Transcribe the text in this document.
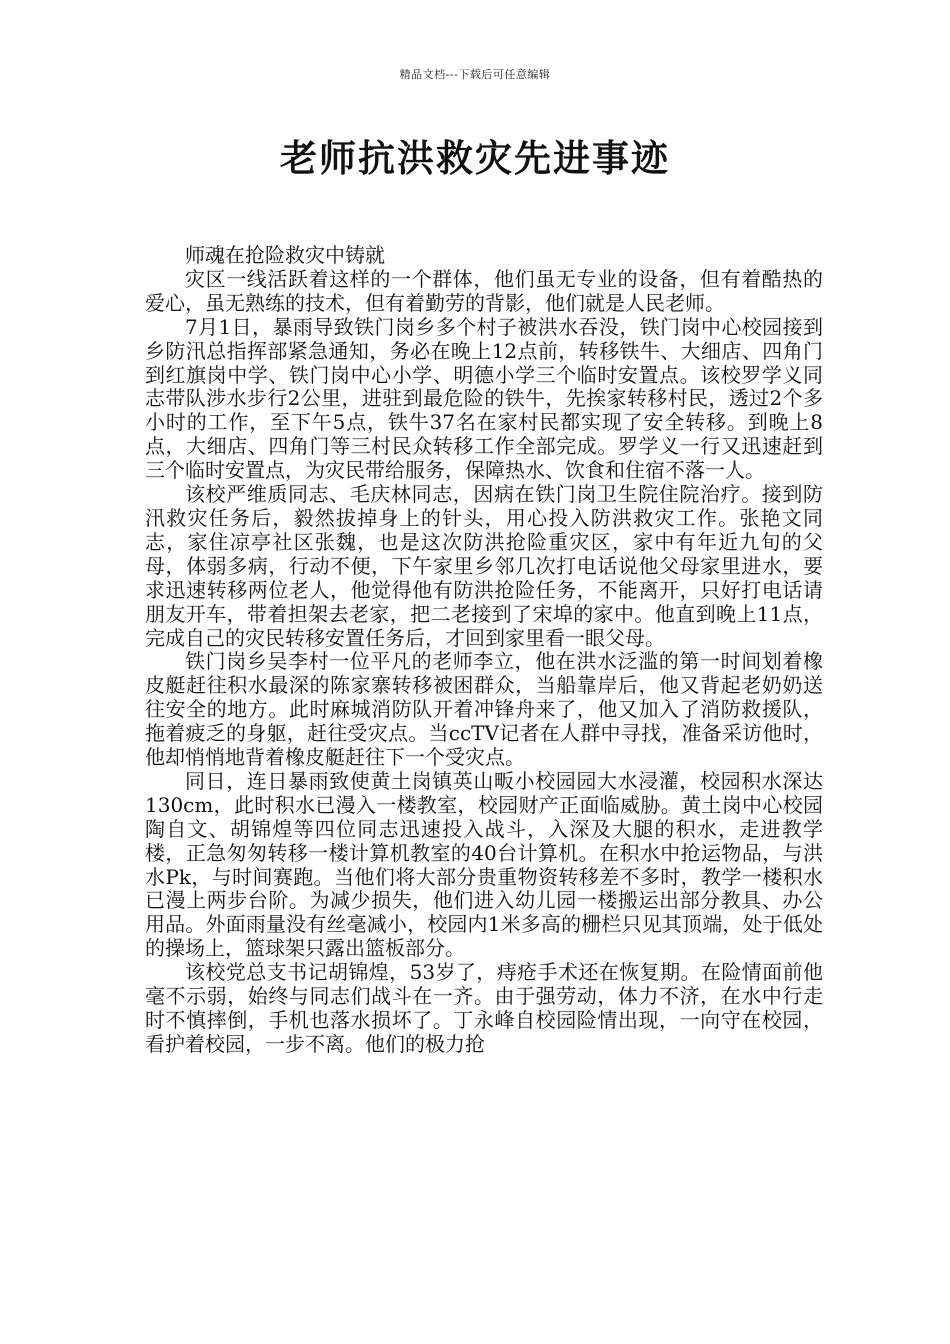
精品文档---下载后可任意编辑
老师抗洪救灾先进事迹

师魂在抢险救灾中铸就

灾区一线活跃着这样的一个群体，他们虽无专业的设备，但有着酷热的爱心，虽无熟练的技术，但有着勤劳的背影，他们就是人民老师。

7月1日，暴雨导致铁门岗乡多个村子被洪水吞没，铁门岗中心校园接到乡防汛总指挥部紧急通知，务必在晚上12点前，转移铁牛、大细店、四角门到红旗岗中学、铁门岗中心小学、明德小学三个临时安置点。该校罗学义同志带队涉水步行2公里，进驻到最危险的铁牛，先挨家转移村民，透过2个多小时的工作，至下午5点，铁牛37名在家村民都实现了安全转移。到晚上8点，大细店、四角门等三村民众转移工作全部完成。罗学义一行又迅速赶到三个临时安置点，为灾民带给服务，保障热水、饮食和住宿不落一人。

该校严维质同志、毛庆林同志，因病在铁门岗卫生院住院治疗。接到防汛救灾任务后，毅然拔掉身上的针头，用心投入防洪救灾工作。张艳文同志，家住凉亭社区张魏，也是这次防洪抢险重灾区，家中有年近九旬的父母，体弱多病，行动不便，下午家里乡邻几次打电话说他父母家里进水，要求迅速转移两位老人，他觉得他有防洪抢险任务，不能离开，只好打电话请朋友开车，带着担架去老家，把二老接到了宋埠的家中。他直到晚上11点，完成自己的灾民转移安置任务后，才回到家里看一眼父母。

铁门岗乡吴李村一位平凡的老师李立，他在洪水泛滥的第一时间划着橡皮艇赶往积水最深的陈家寨转移被困群众，当船靠岸后，他又背起老奶奶送往安全的地方。此时麻城消防队开着冲锋舟来了，他又加入了消防救援队，拖着疲乏的身躯，赶往受灾点。当ccTV记者在人群中寻找，准备采访他时，他却悄悄地背着橡皮艇赶往下一个受灾点。

同日，连日暴雨致使黄土岗镇英山畈小校园园大水浸灌，校园积水深达130cm，此时积水已漫入一楼教室，校园财产正面临威胁。黄土岗中心校园陶自文、胡锦煌等四位同志迅速投入战斗，入深及大腿的积水，走进教学楼，正急匆匆转移一楼计算机教室的40台计算机。在积水中抢运物品，与洪水Pk，与时间赛跑。当他们将大部分贵重物资转移差不多时，教学一楼积水已漫上两步台阶。为减少损失，他们进入幼儿园一楼搬运出部分教具、办公用品。外面雨量没有丝毫减小，校园内1米多高的栅栏只见其顶端，处于低处的操场上，篮球架只露出篮板部分。

该校党总支书记胡锦煌，53岁了，痔疮手术还在恢复期。在险情面前他毫不示弱，始终与同志们战斗在一齐。由于强劳动，体力不济，在水中行走时不慎摔倒，手机也落水损坏了。丁永峰自校园险情出现，一向守在校园，看护着校园，一步不离。他们的极力抢
